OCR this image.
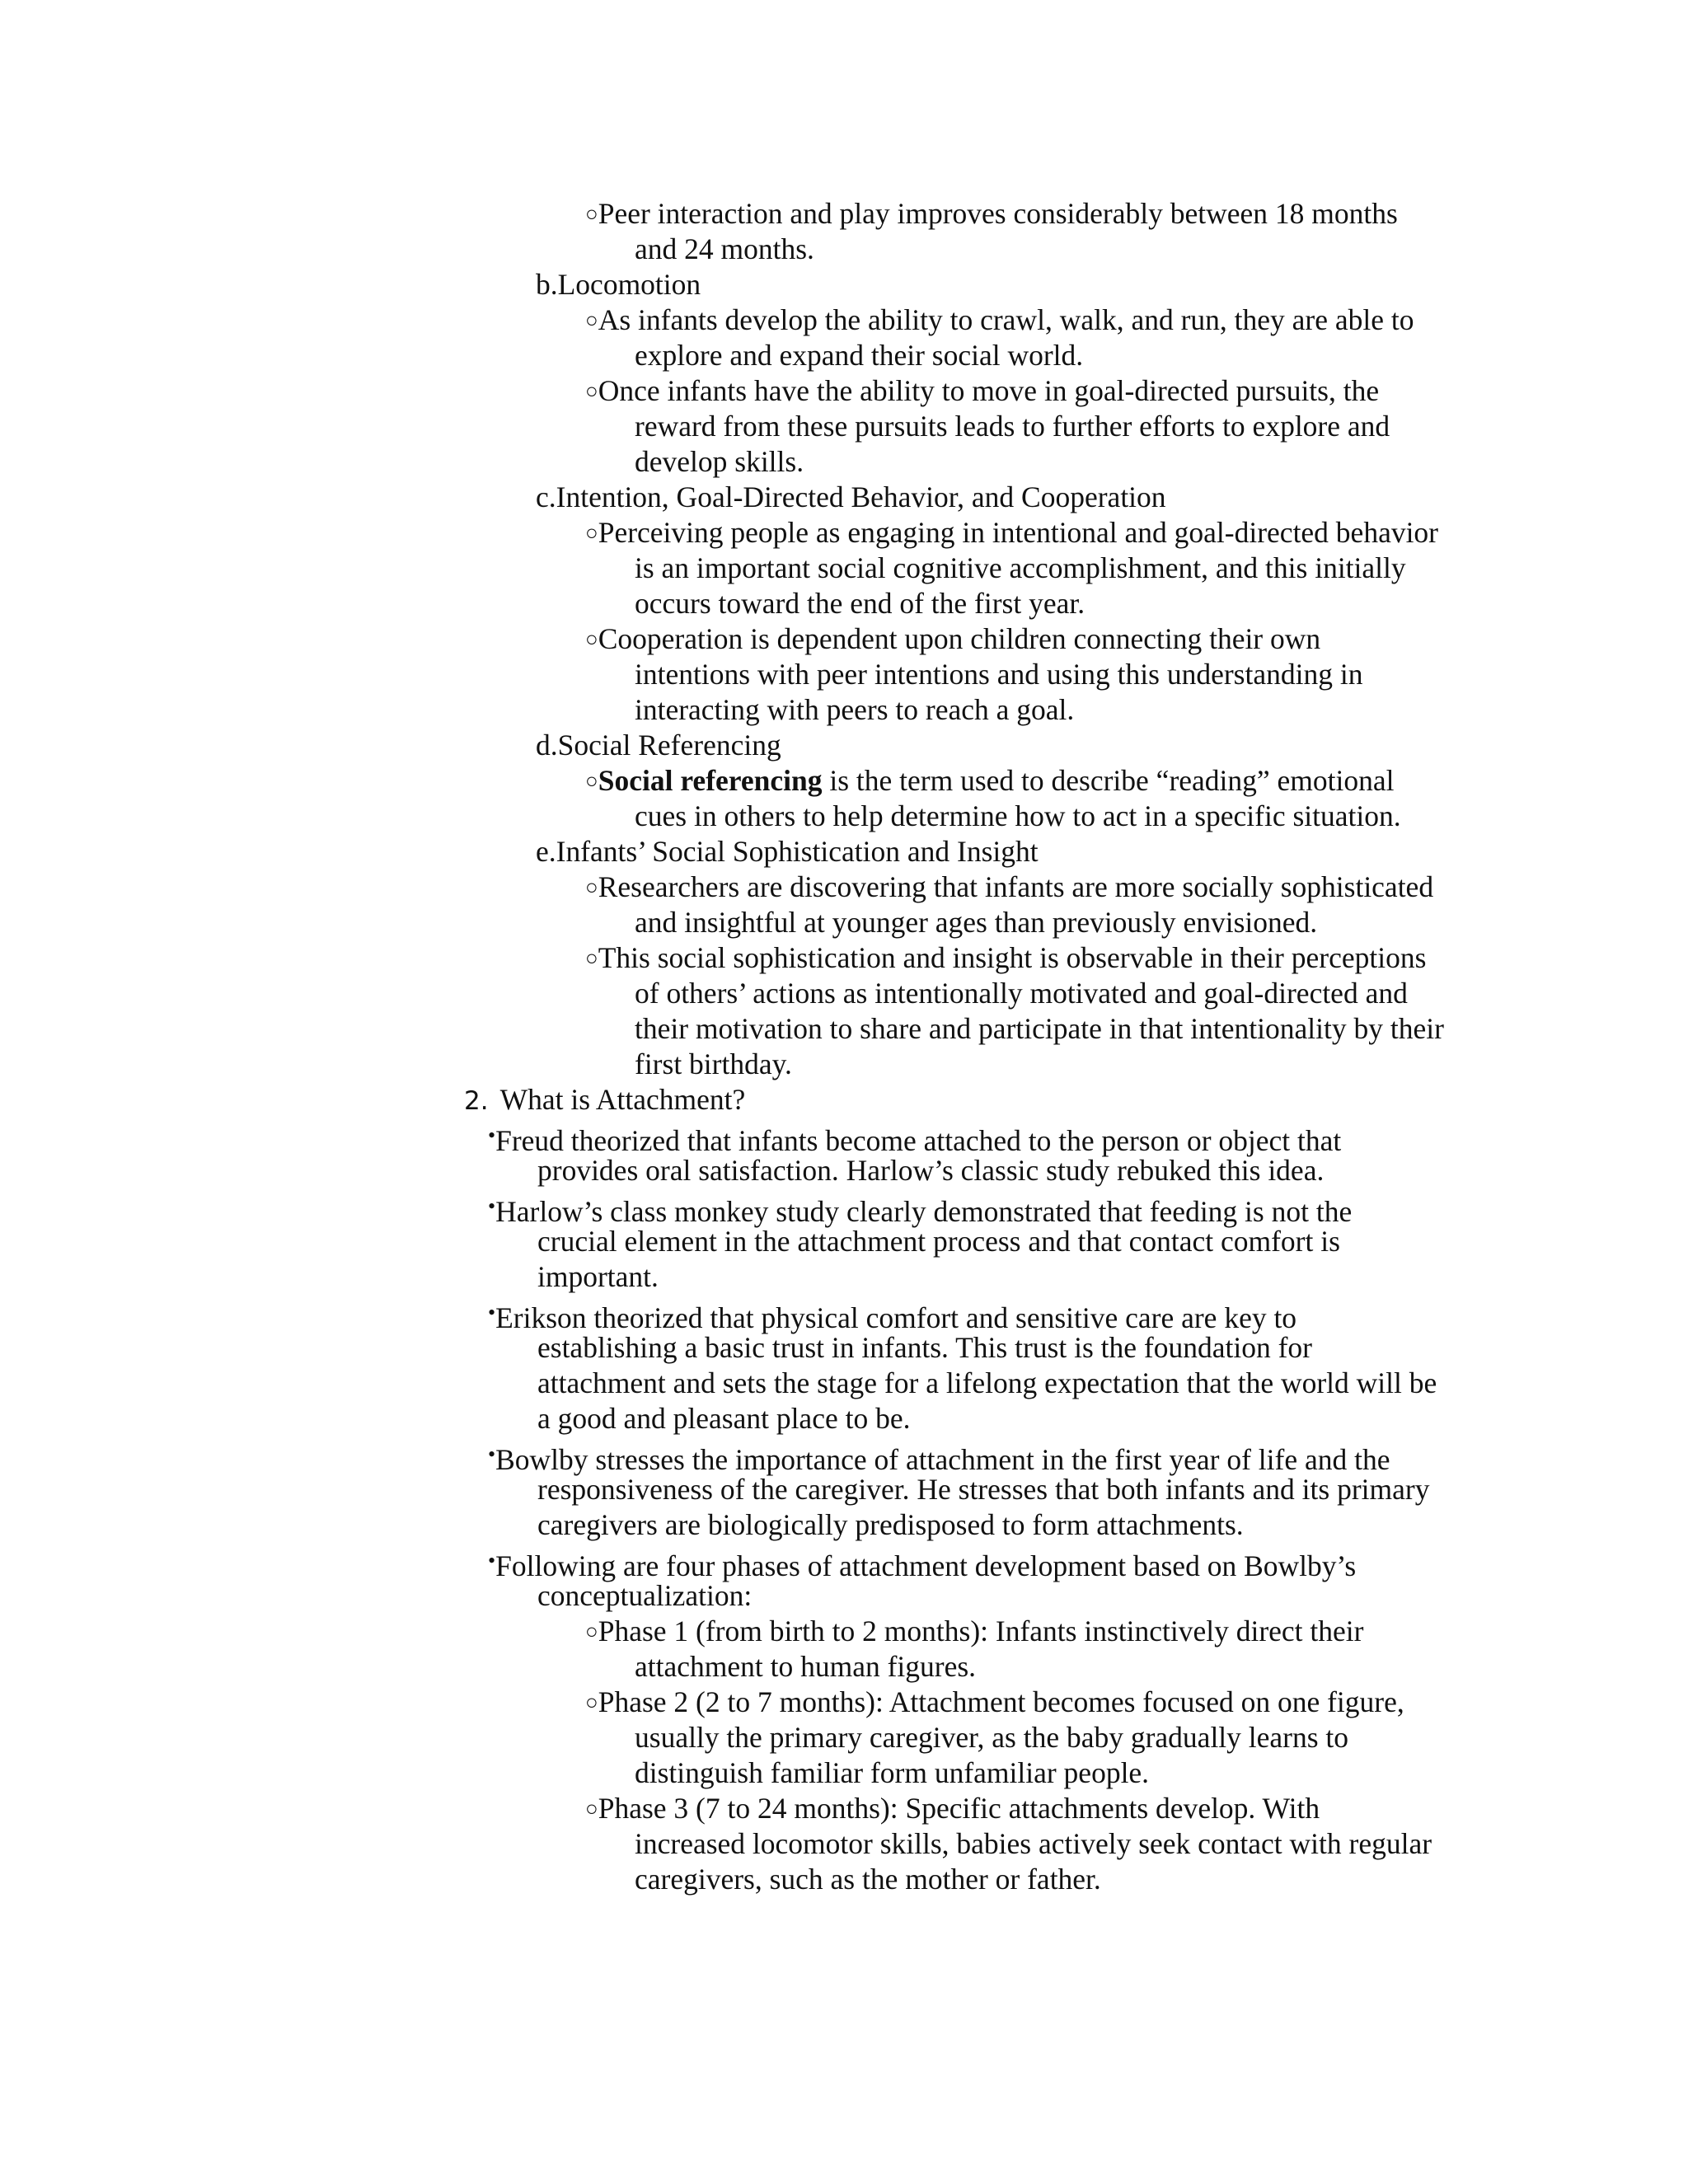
○Peer interaction and play improves considerably between 18 months
and 24 months.
b.Locomotion
○As infants develop the ability to crawl, walk, and run, they are able to
explore and expand their social world.
○Once infants have the ability to move in goal-directed pursuits, the
reward from these pursuits leads to further efforts to explore and
develop skills.
c.Intention, Goal-Directed Behavior, and Cooperation
○Perceiving people as engaging in intentional and goal-directed behavior
is an important social cognitive accomplishment, and this initially
occurs toward the end of the first year.
○Cooperation is dependent upon children connecting their own
intentions with peer intentions and using this understanding in
interacting with peers to reach a goal.
d.Social Referencing
○Social referencing is the term used to describe “reading” emotional
cues in others to help determine how to act in a specific situation.
e.Infants’ Social Sophistication and Insight
○Researchers are discovering that infants are more socially sophisticated
and insightful at younger ages than previously envisioned.
○This social sophistication and insight is observable in their perceptions
of others’ actions as intentionally motivated and goal-directed and
their motivation to share and participate in that intentionality by their
first birthday.
2. What is Attachment?
•Freud theorized that infants become attached to the person or object that
provides oral satisfaction. Harlow’s classic study rebuked this idea.
•Harlow’s class monkey study clearly demonstrated that feeding is not the
crucial element in the attachment process and that contact comfort is
important.
•Erikson theorized that physical comfort and sensitive care are key to
establishing a basic trust in infants. This trust is the foundation for
attachment and sets the stage for a lifelong expectation that the world will be
a good and pleasant place to be.
•Bowlby stresses the importance of attachment in the first year of life and the
responsiveness of the caregiver. He stresses that both infants and its primary
caregivers are biologically predisposed to form attachments.
•Following are four phases of attachment development based on Bowlby’s
conceptualization:
○Phase 1 (from birth to 2 months): Infants instinctively direct their
attachment to human figures.
○Phase 2 (2 to 7 months): Attachment becomes focused on one figure,
usually the primary caregiver, as the baby gradually learns to
distinguish familiar form unfamiliar people.
○Phase 3 (7 to 24 months): Specific attachments develop. With
increased locomotor skills, babies actively seek contact with regular
caregivers, such as the mother or father.
